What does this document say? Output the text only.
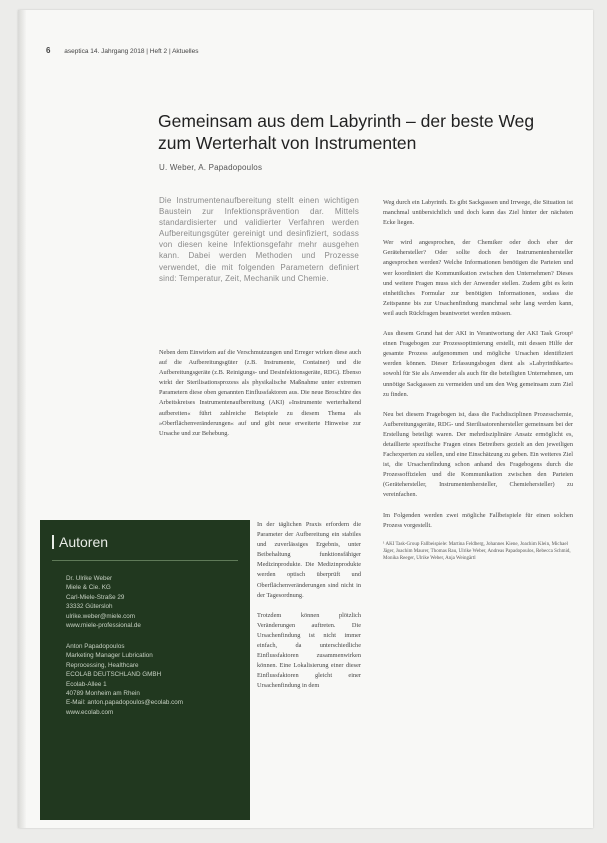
6 aseptica 14. Jahrgang 2018 | Heft 2 | Aktuelles
Gemeinsam aus dem Labyrinth – der beste Weg zum Werterhalt von Instrumenten
U. Weber, A. Papadopoulos
Die Instrumentenaufbereitung stellt einen wichtigen Baustein zur Infektionsprävention dar. Mittels standardisierter und validierter Verfahren werden Aufbereitungsgüter gereinigt und desinfiziert, sodass von diesen keine Infektionsgefahr mehr ausgehen kann. Dabei werden Methoden und Prozesse verwendet, die mit folgenden Parametern definiert sind: Temperatur, Zeit, Mechanik und Chemie.

Neben dem Einwirken auf die Verschmutzungen und Erreger wirken diese auch auf die Aufbereitungsgüter (z.B. Instrumente, Container) und die Aufbereitungsgeräte (z.B. Reinigungs- und Desinfektionsgeräte, RDG). Ebenso wirkt der Sterilisationsprozess als physikalische Maßnahme unter extremen Parametern diese oben genannten Einflussfaktoren aus. Die neue Broschüre des Arbeitskreises Instrumentenaufbereitung (AKI) »Instrumente werterhaltend aufbereiten« führt zahlreiche Beispiele zu diesem Thema als »Oberflächenveränderungen« auf und gibt neue erweiterte Hinweise zur Ursache und zur Behebung.

Autoren
Dr. Ulrike Weber
Miele & Cie. KG
Carl-Miele-Straße 29
33332 Gütersloh
ulrike.weber@miele.com
www.miele-professional.de
Anton Papadopoulos
Marketing Manager Lubrication
Reprocessing, Healthcare
ECOLAB DEUTSCHLAND GMBH
Ecolab-Allee 1
40789 Monheim am Rhein
E-Mail: anton.papadopoulos@ecolab.com
www.ecolab.com

In der täglichen Praxis erfordern die Parameter der Aufbereitung ein stabiles und zuverlässiges Ergebnis, unter Beibehaltung funktionsfähiger Medizinprodukte. Die Medizinprodukte werden optisch überprüft und Oberflächenveränderungen sind nicht in der Tagesordnung.

Trotzdem können plötzlich Veränderungen auftreten. Die Ursachenfindung ist nicht immer einfach, da unterschiedliche Einflussfaktoren zusammenwirken können. Eine Lokalisierung einer dieser Einflussfaktoren gleicht einer Ursachenfindung in dem

Weg durch ein Labyrinth. Es gibt Sackgassen und Irrwege, die Situation ist manchmal unübersichtlich und doch kann das Ziel hinter der nächsten Ecke liegen.

Wer wird angesprochen, der Chemiker oder doch eher der Gerätehersteller? Oder sollte doch der Instrumentenhersteller angesprochen werden? Welche Informationen benötigen die Parteien und wer koordiniert die Kommunikation zwischen den Unternehmen? Dieses und weitere Fragen muss sich der Anwender stellen. Zudem gibt es kein einheitliches Formular zur benötigten Informationen, sodass die Zeitspanne bis zur Ursachenfindung manchmal sehr lang werden kann, weil auch Rückfragen beantwortet werden müssen.

Aus diesem Grund hat der AKI in Verantwortung der AKI Task Group¹ einen Fragebogen zur Prozessoptimierung erstellt, mit dessen Hilfe der gesamte Prozess aufgenommen und mögliche Ursachen identifiziert werden können. Dieser Erfassungsbogen dient als »Labyrinthkarte« sowohl für Sie als Anwender als auch für die beteiligten Unternehmen, um unnötige Sackgassen zu vermeiden und um den Weg gemeinsam zum Ziel zu finden.

Neu bei diesem Fragebogen ist, dass die Fachdisziplinen Prozesschemie, Aufbereitungsgeräte, RDG- und Sterilisatorenhersteller gemeinsam bei der Erstellung beteiligt waren. Der mehrdisziplinäre Ansatz ermöglicht es, detaillierte spezifische Fragen eines Betreibers gezielt an den jeweiligen Fachexperten zu stellen, und eine Einschätzung zu geben. Ein weiteres Ziel ist, die Ursachenfindung schon anhand des Fragebogens durch die Prozessoffizielen und die Kommunikation zwischen den Parteien (Gerätehersteller, Instrumentenhersteller, Chemiehersteller) zu vereinfachen.

Im Folgenden werden zwei mögliche Fallbeispiele für einen solchen Prozess vorgestellt.

¹ AKI Task-Group Fallbeispiele: Martina Feldberg, Johannes Kiene, Joachim Klein, Michael Jäger, Joachim Maurer, Thomas Rau, Ulrike Weber, Andreas Papadopoulos, Rebecca Schmid, Monika Reeger, Ulrike Weber, Anja Weingärtl
